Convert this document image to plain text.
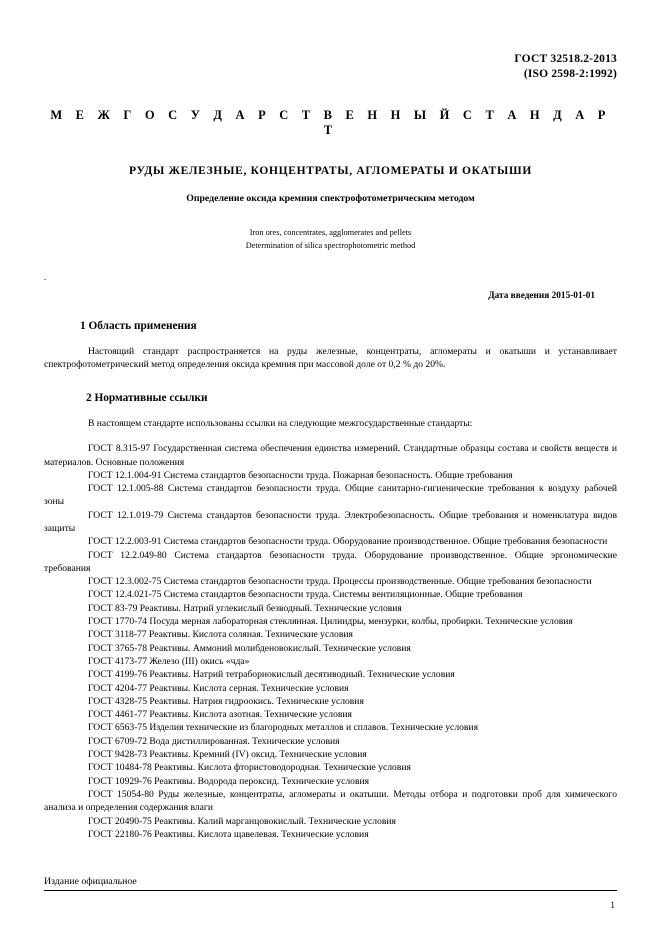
ГОСТ 32518.2-2013
(ISO 2598-2:1992)
М Е Ж Г О С У Д А Р С Т В Е Н Н Ы Й С Т А Н Д А Р Т
РУДЫ ЖЕЛЕЗНЫЕ, КОНЦЕНТРАТЫ, АГЛОМЕРАТЫ И ОКАТЫШИ
Определение оксида кремния спектрофотометрическим методом
Iron ores, concentrates, agglomerates and pellets
Determination of silica spectrophotometric method
.
Дата введения 2015-01-01
1 Область применения

Настоящий стандарт распространяется на руды железные, концентраты, агломераты и окатыши и устанавливает спектрофотометрический метод определения оксида кремния при массовой доле от 0,2 % до 20%.

2 Нормативные ссылки

В настоящем стандарте использованы ссылки на следующие межгосударственные стандарты:

ГОСТ 8.315-97 Государственная система обеспечения единства измерений. Стандартные образцы состава и свойств веществ и материалов. Основные положения

ГОСТ 12.1.004-91 Система стандартов безопасности труда. Пожарная безопасность. Общие требования

ГОСТ 12.1.005-88 Система стандартов безопасности труда. Общие санитарно-гигиенические требования к воздуху рабочей зоны

ГОСТ 12.1.019-79 Система стандартов безопасности труда. Электробезопасность. Общие требования и номенклатура видов защиты

ГОСТ 12.2.003-91 Система стандартов безопасности труда. Оборудование производственное. Общие требования безопасности

ГОСТ 12.2.049-80 Система стандартов безопасности труда. Оборудование производственное. Общие эргономические требования

ГОСТ 12.3.002-75 Система стандартов безопасности труда. Процессы производственные. Общие требования безопасности

ГОСТ 12.4.021-75 Система стандартов безопасности труда. Системы вентиляционные. Общие требования

ГОСТ 83-79 Реактивы. Натрий углекислый безводный. Технические условия

ГОСТ 1770-74 Посуда мерная лабораторная стеклянная. Цилиндры, мензурки, колбы, пробирки. Технические условия

ГОСТ 3118-77 Реактивы. Кислота соляная. Технические условия

ГОСТ 3765-78 Реактивы. Аммоний молибденовокислый. Технические условия

ГОСТ 4173-77 Железо (III) окись «чда»

ГОСТ 4199-76 Реактивы. Натрий тетраборнокислый десятиводный. Технические условия

ГОСТ 4204-77 Реактивы. Кислота серная. Технические условия

ГОСТ 4328-75 Реактивы. Натрия гидроокись. Технические условия

ГОСТ 4461-77 Реактивы. Кислота азотная. Технические условия

ГОСТ 6563-75 Изделия технические из благородных металлов и сплавов. Технические условия

ГОСТ 6709-72 Вода дистиллированная. Технические условия

ГОСТ 9428-73 Реактивы. Кремний (IV) оксид. Технические условия

ГОСТ 10484-78 Реактивы. Кислота фтористоводородная. Технические условия

ГОСТ 10929-76 Реактивы. Водорода пероксид. Технические условия

ГОСТ 15054-80 Руды железные, концентраты, агломераты и окатыши. Методы отбора и подготовки проб для химического анализа и определения содержания влаги

ГОСТ 20490-75 Реактивы. Калий марганцовокислый. Технические условия

ГОСТ 22180-76 Реактивы. Кислота щавелевая. Технические условия

Издание официальное
1
